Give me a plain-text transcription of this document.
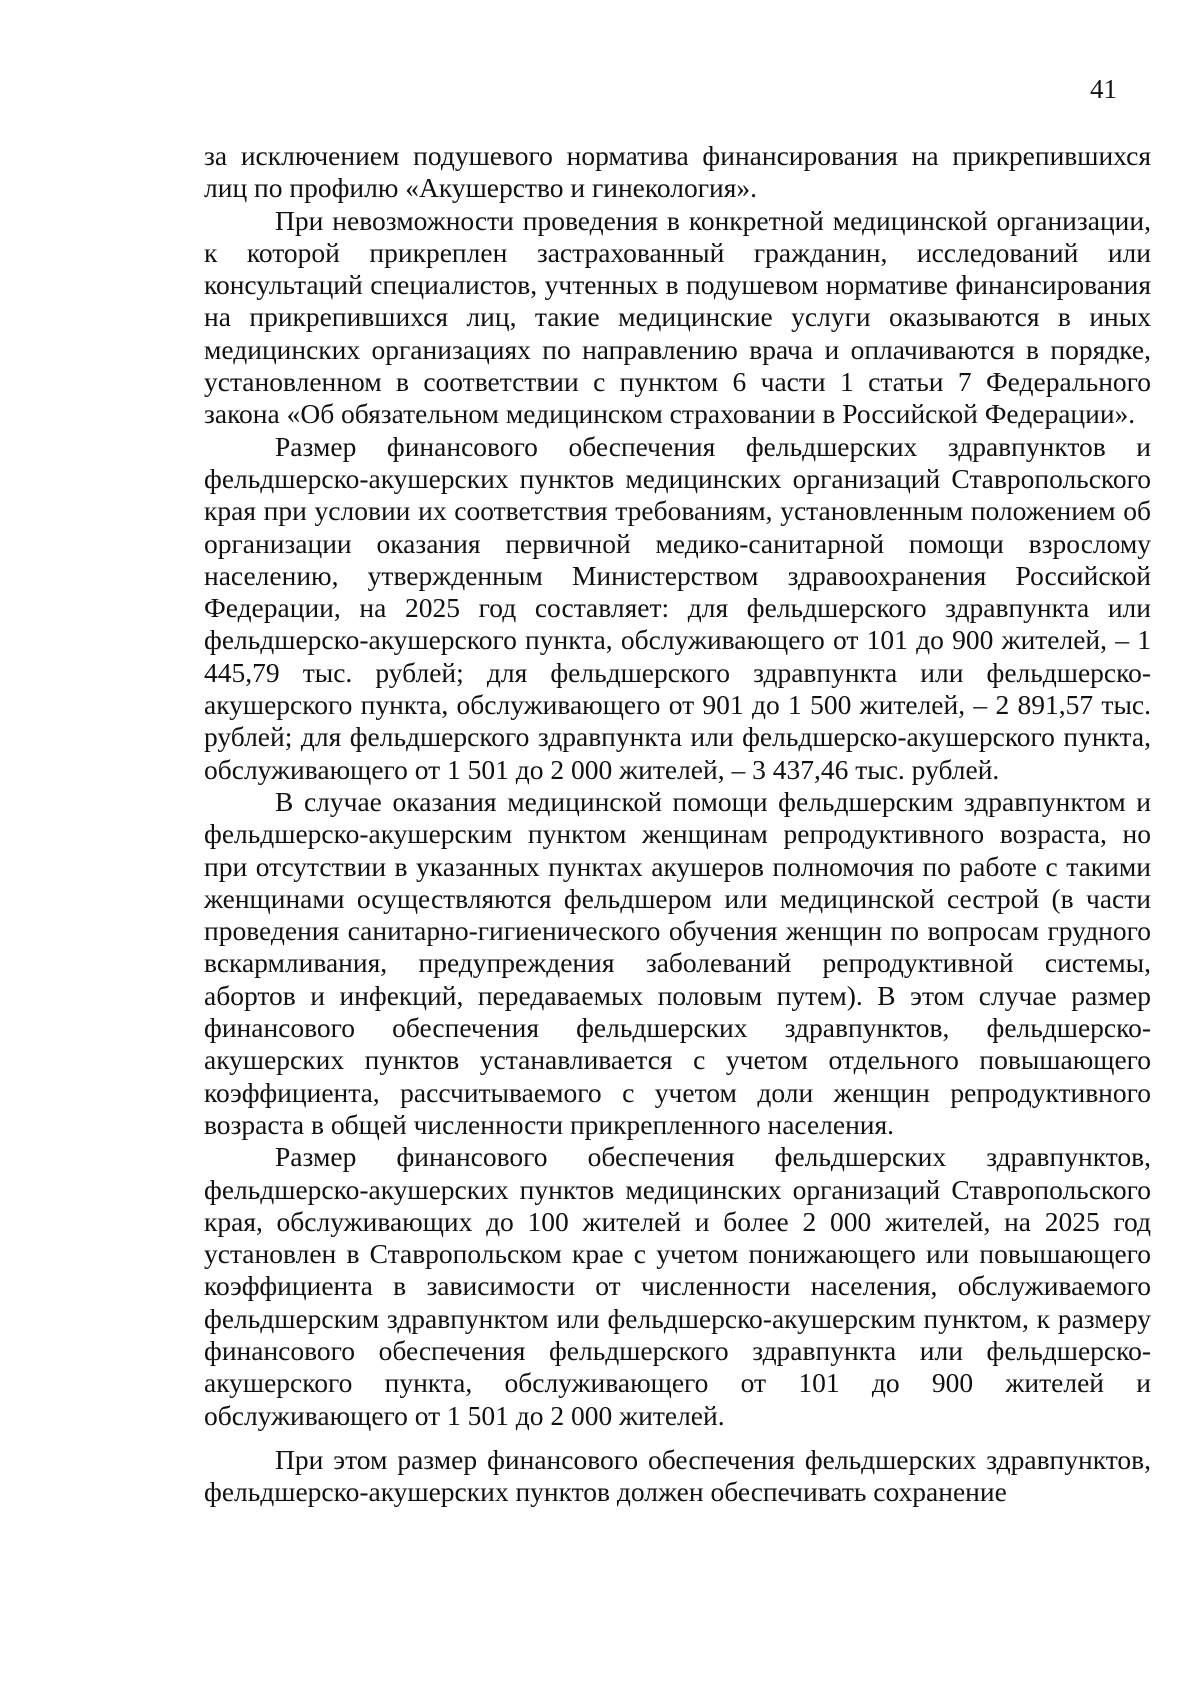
41

за исключением подушевого норматива финансирования на прикрепившихся лиц по профилю «Акушерство и гинекология».

При невозможности проведения в конкретной медицинской организации, к которой прикреплен застрахованный гражданин, исследований или консультаций специалистов, учтенных в подушевом нормативе финансирования на прикрепившихся лиц, такие медицинские услуги оказываются в иных медицинских организациях по направлению врача и оплачиваются в порядке, установленном в соответствии с пунктом 6 части 1 статьи 7 Федерального закона «Об обязательном медицинском страховании в Российской Федерации».

Размер финансового обеспечения фельдшерских здравпунктов и фельдшерско-акушерских пунктов медицинских организаций Ставропольского края при условии их соответствия требованиям, установленным положением об организации оказания первичной медико-санитарной помощи взрослому населению, утвержденным Министерством здравоохранения Российской Федерации, на 2025 год составляет: для фельдшерского здравпункта или фельдшерско-акушерского пункта, обслуживающего от 101 до 900 жителей, – 1 445,79 тыс. рублей; для фельдшерского здравпункта или фельдшерско-акушерского пункта, обслуживающего от 901 до 1 500 жителей, – 2 891,57 тыс. рублей; для фельдшерского здравпункта или фельдшерско-акушерского пункта, обслуживающего от 1 501 до 2 000 жителей, – 3 437,46 тыс. рублей.

В случае оказания медицинской помощи фельдшерским здравпунктом и фельдшерско-акушерским пунктом женщинам репродуктивного возраста, но при отсутствии в указанных пунктах акушеров полномочия по работе с такими женщинами осуществляются фельдшером или медицинской сестрой (в части проведения санитарно-гигиенического обучения женщин по вопросам грудного вскармливания, предупреждения заболеваний репродуктивной системы, абортов и инфекций, передаваемых половым путем). В этом случае размер финансового обеспечения фельдшерских здравпунктов, фельдшерско-акушерских пунктов устанавливается с учетом отдельного повышающего коэффициента, рассчитываемого с учетом доли женщин репродуктивного возраста в общей численности прикрепленного населения.

Размер финансового обеспечения фельдшерских здравпунктов, фельдшерско-акушерских пунктов медицинских организаций Ставропольского края, обслуживающих до 100 жителей и более 2 000 жителей, на 2025 год установлен в Ставропольском крае с учетом понижающего или повышающего коэффициента в зависимости от численности населения, обслуживаемого фельдшерским здравпунктом или фельдшерско-акушерским пунктом, к размеру финансового обеспечения фельдшерского здравпункта или фельдшерско-акушерского пункта, обслуживающего от 101 до 900 жителей и обслуживающего от 1 501 до 2 000 жителей.

При этом размер финансового обеспечения фельдшерских здравпунктов, фельдшерско-акушерских пунктов должен обеспечивать сохранение
